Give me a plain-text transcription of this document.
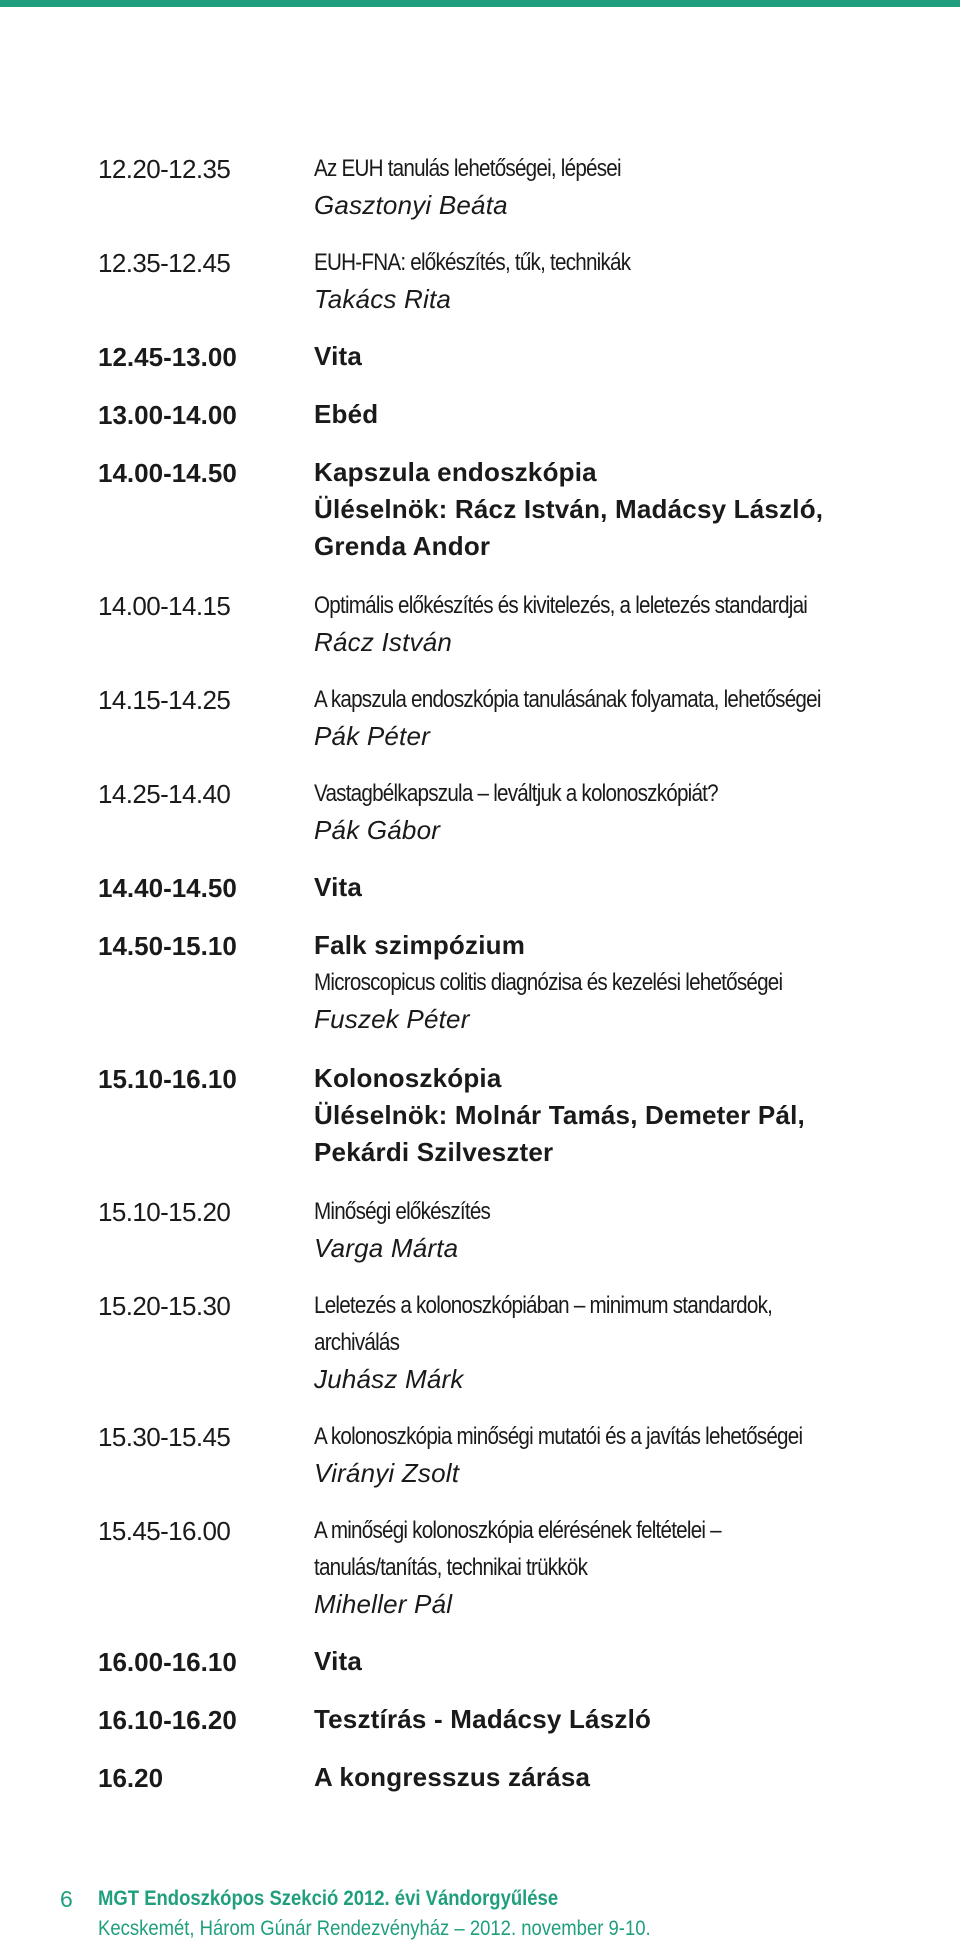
12.20-12.35	Az EUH tanulás lehetőségei, lépései
Gasztonyi Beáta
12.35-12.45	EUH-FNA: előkészítés, tűk, technikák
Takács Rita
12.45-13.00	Vita
13.00-14.00	Ebéd
14.00-14.50	Kapszula endoszkópia
Üléselnök: Rácz István, Madácsy László,
Grenda Andor
14.00-14.15	Optimális előkészítés és kivitelezés, a leletezés standardjai
Rácz István
14.15-14.25	A kapszula endoszkópia tanulásának folyamata, lehetőségei
Pák Péter
14.25-14.40	Vastagbélkapszula – leváltjuk a kolonoszkópiát?
Pák Gábor
14.40-14.50	Vita
14.50-15.10	Falk szimpózium
Microscopicus colitis diagnózisa és kezelési lehetőségei
Fuszek Péter
15.10-16.10	Kolonoszkópia
Üléselnök: Molnár Tamás, Demeter Pál,
Pekárdi Szilveszter
15.10-15.20	Minőségi előkészítés
Varga Márta
15.20-15.30	Leletezés a kolonoszkópiában – minimum standardok,
archiválás
Juhász Márk
15.30-15.45	A kolonoszkópia minőségi mutatói és a javítás lehetőségei
Virányi Zsolt
15.45-16.00	A minőségi kolonoszkópia elérésének feltételei –
tanulás/tanítás, technikai trükkök
Miheller Pál
16.00-16.10	Vita
16.10-16.20	Tesztírás - Madácsy László
16.20	A kongresszus zárása
6 MGT Endoszkópos Szekció 2012. évi Vándorgyűlése
Kecskemét, Három Gúnár Rendezvényház – 2012. november 9-10.
